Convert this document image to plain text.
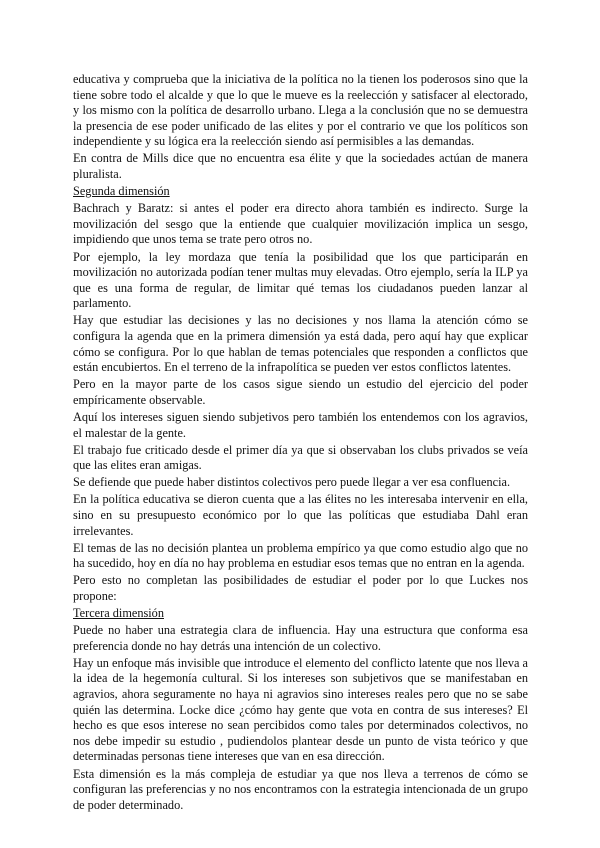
educativa y comprueba que la iniciativa de la política no la tienen los poderosos sino que la tiene sobre todo el alcalde y que lo que le mueve es la reelección y satisfacer al electorado, y los mismo con la política de desarrollo urbano. Llega a la conclusión que no se demuestra la presencia de ese poder unificado de las elites y por el contrario ve que los políticos son independiente y su lógica era la reelección siendo así permisibles a las demandas.

En contra de Mills dice que no encuentra esa élite y que la sociedades actúan de manera pluralista.

Segunda dimensión

Bachrach y Baratz: si antes el poder era directo ahora también es indirecto. Surge la movilización del sesgo que la entiende que cualquier movilización implica un sesgo, impidiendo que unos tema se trate pero otros no.

Por ejemplo, la ley mordaza que tenía la posibilidad que los que participarán en movilización no autorizada podían tener multas muy elevadas. Otro ejemplo, sería la ILP ya que es una forma de regular, de limitar qué temas los ciudadanos pueden lanzar al parlamento.

Hay que estudiar las decisiones y las no decisiones y nos llama la atención cómo se configura la agenda que en la primera dimensión ya está dada, pero aquí hay que explicar cómo se configura. Por lo que hablan de temas potenciales que responden a conflictos que están encubiertos. En el terreno de la infrapolítica se pueden ver estos conflictos latentes.

Pero en la mayor parte de los casos sigue siendo un estudio del ejercicio del poder empíricamente observable.

Aquí los intereses siguen siendo subjetivos pero también los entendemos con los agravios, el malestar de la gente.

El trabajo fue criticado desde el primer día ya que si observaban los clubs privados se veía que las elites eran amigas.

Se defiende que puede haber distintos colectivos pero puede llegar a ver esa confluencia.

En la política educativa se dieron cuenta que a las élites no les interesaba intervenir en ella, sino en su presupuesto económico por lo que las políticas que estudiaba Dahl eran irrelevantes.

El temas de las no decisión plantea un problema empírico ya que como estudio algo que no ha sucedido, hoy en día no hay problema en estudiar esos temas que no entran en la agenda.

Pero esto no completan las posibilidades de estudiar el poder por lo que Luckes nos propone:

Tercera dimensión

Puede no haber una estrategia clara de influencia. Hay una estructura que conforma esa preferencia donde no hay detrás una intención de un colectivo.

Hay un enfoque más invisible que introduce el elemento del conflicto latente que nos lleva a la idea de la hegemonía cultural. Si los intereses son subjetivos que se manifestaban en agravios, ahora seguramente no haya ni agravios sino intereses reales pero que no se sabe quién las determina. Locke dice ¿cómo hay gente que vota en contra de sus intereses? El hecho es que esos interese no sean percibidos como tales por determinados colectivos, no nos debe impedir su estudio , pudiendolos plantear desde un punto de vista teórico y que determinadas personas tiene intereses que van en esa dirección.

Esta dimensión es la más compleja de estudiar ya que nos lleva a terrenos de cómo se configuran las preferencias y no nos encontramos con la estrategia intencionada de un grupo de poder determinado.
